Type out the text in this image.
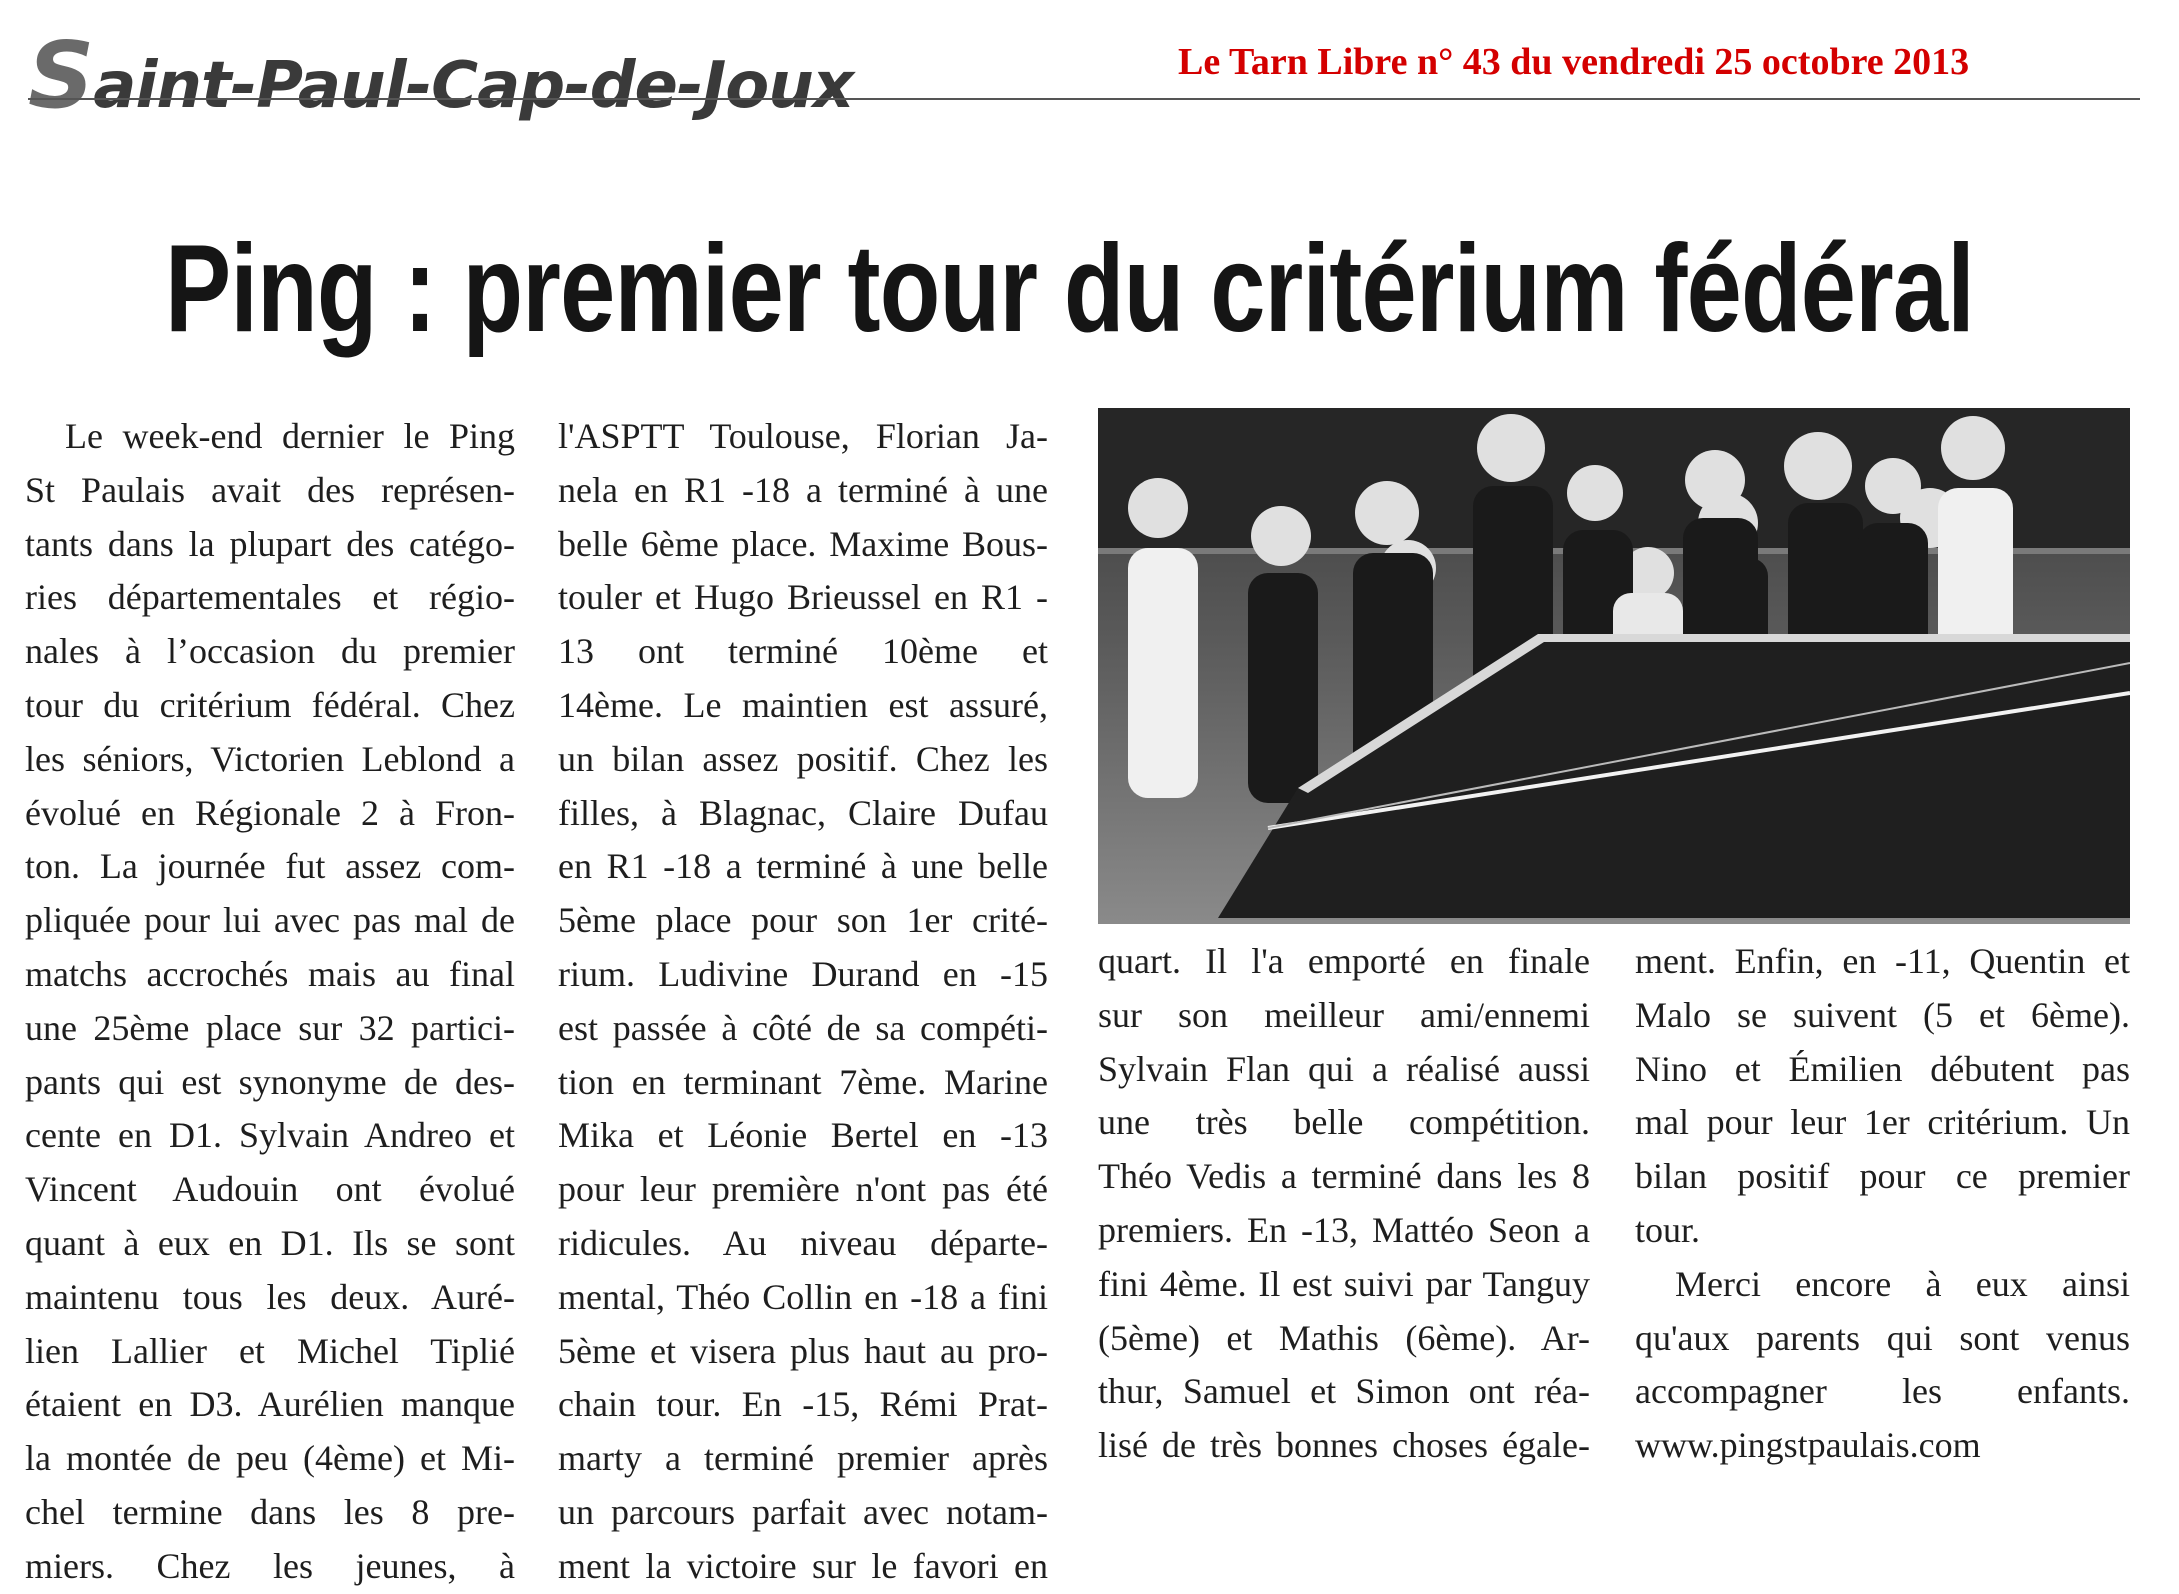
Saint-Paul-Cap-de-Joux	Le Tarn Libre n° 43 du vendredi 25 octobre 2013
Ping : premier tour du critérium fédéral
Le week-end dernier le Ping
St Paulais avait des représen-
tants dans la plupart des catégo-
ries départementales et régio-
nales à l’occasion du premier
tour du critérium fédéral. Chez
les séniors, Victorien Leblond a
évolué en Régionale 2 à Fron-
ton. La journée fut assez com-
pliquée pour lui avec pas mal de
matchs accrochés mais au final
une 25ème place sur 32 partici-
pants qui est synonyme de des-
cente en D1. Sylvain Andreo et
Vincent Audouin ont évolué
quant à eux en D1. Ils se sont
maintenu tous les deux. Auré-
lien Lallier et Michel Tiplié
étaient en D3. Aurélien manque
la montée de peu (4ème) et Mi-
chel termine dans les 8 pre-
miers. Chez les jeunes, à
l'ASPTT Toulouse, Florian Ja-
nela en R1 -18 a terminé à une
belle 6ème place. Maxime Bous-
touler et Hugo Brieussel en R1 -
13 ont terminé 10ème et
14ème. Le maintien est assuré,
un bilan assez positif. Chez les
filles, à Blagnac, Claire Dufau
en R1 -18 a terminé à une belle
5ème place pour son 1er crité-
rium. Ludivine Durand en -15
est passée à côté de sa compéti-
tion en terminant 7ème. Marine
Mika et Léonie Bertel en -13
pour leur première n'ont pas été
ridicules. Au niveau départe-
mental, Théo Collin en -18 a fini
5ème et visera plus haut au pro-
chain tour. En -15, Rémi Prat-
marty a terminé premier après
un parcours parfait avec notam-
ment la victoire sur le favori en
quart. Il l'a emporté en finale
sur son meilleur ami/ennemi
Sylvain Flan qui a réalisé aussi
une très belle compétition.
Théo Vedis a terminé dans les 8
premiers. En -13, Mattéo Seon a
fini 4ème. Il est suivi par Tanguy
(5ème) et Mathis (6ème). Ar-
thur, Samuel et Simon ont réa-
lisé de très bonnes choses égale-
ment. Enfin, en -11, Quentin et
Malo se suivent (5 et 6ème).
Nino et Émilien débutent pas
mal pour leur 1er critérium. Un
bilan positif pour ce premier
tour.
Merci encore à eux ainsi
qu'aux parents qui sont venus
accompagner les enfants.
www.pingstpaulais.com
